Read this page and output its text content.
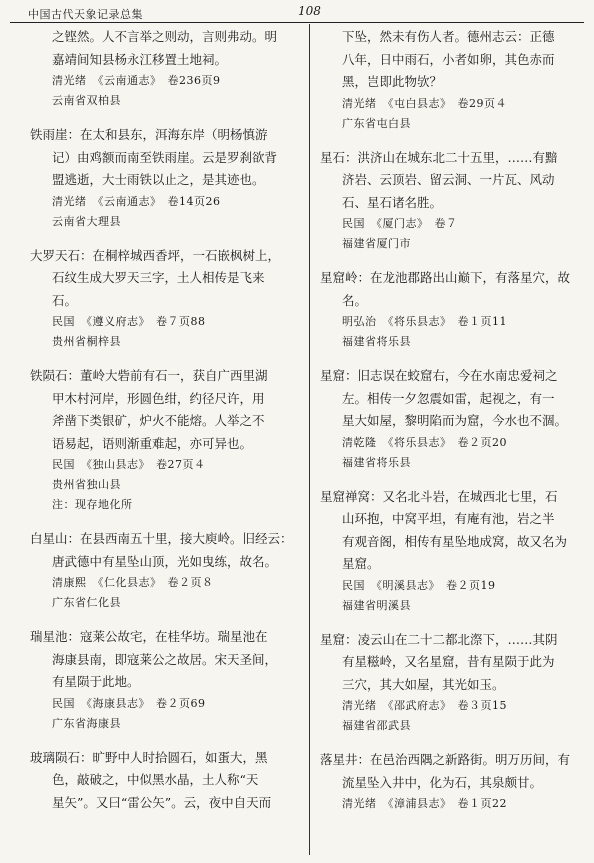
中国古代天象记录总集	108
之铿然。人不言举之则动，言则弗动。明
嘉靖间知县杨永江移置土地祠。
清光绪　《云南通志》　卷236页9
云南省双柏县
铁雨崖：在太和县东，洱海东岸（明杨慎游
记）由鸡额而南至铁雨崖。云是罗刹欲背
盟逃逝，大士雨铁以止之，是其迹也。
清光绪　《云南通志》　卷14页26
云南省大理县
大罗天石：在桐梓城西香坪，一石嵌枫树上，
石纹生成大罗天三字，土人相传是飞来
石。
民国　《遵义府志》　卷７页88
贵州省桐梓县
铁陨石：董岭大砦前有石一，获自广西里湖
甲木村河岸，形圆色绀，约径尺许，用
斧凿下类银矿，炉火不能熔。人举之不
语易起，语则渐重难起，亦可异也。
民国　《独山县志》　卷27页４
贵州省独山县
注：现存地化所
白星山：在县西南五十里，接大庾岭。旧经云：
唐武德中有星坠山顶，光如曳练，故名。
清康熙　《仁化县志》　卷２页８
广东省仁化县
瑞星池：寇莱公故宅，在桂华坊。瑞星池在
海康县南，即寇莱公之故居。宋天圣间，
有星陨于此地。
民国　《海康县志》　卷２页69
广东省海康县
玻璃陨石：旷野中人时拾圆石，如蛋大，黑
色，敲破之，中似黑水晶，土人称“天
星矢”。又曰“雷公矢”。云，夜中自天而
下坠，然未有伤人者。德州志云：正德
八年，日中雨石，小者如卵，其色赤而
黑，岂即此物欤？
清光绪　《屯白县志》　卷29页４
广东省屯白县
星石：洪济山在城东北二十五里，……有黯
济岩、云顶岩、留云洞、一片瓦、风动
石、星石诸名胜。
民国　《厦门志》　卷７
福建省厦门市
星窟岭：在龙池郡路出山巅下，有落星穴，故
名。
明弘治　《将乐县志》　卷１页11
福建省将乐县
星窟：旧志误在蛟窟右，今在水南忠爱祠之
左。相传一夕忽震如雷，起视之，有一
星大如屋，黎明陷而为窟，今水也不涸。
清乾隆　《将乐县志》　卷２页20
福建省将乐县
星窟禅窝：又名北斗岩，在城西北七里，石
山环抱，中窝平坦，有庵有池，岩之半
有观音阁，相传有星坠地成窝，故又名为
星窟。
民国　《明溪县志》　卷２页19
福建省明溪县
星窟：凌云山在二十二都北漈下，……其阴
有星糍岭，又名星窟，昔有星陨于此为
三穴，其大如屋，其光如玉。
清光绪　《邵武府志》　卷３页15
福建省邵武县
落星井：在邑治西隅之新路街。明万历间，有
流星坠入井中，化为石，其泉颇甘。
清光绪　《漳浦县志》　卷１页22
